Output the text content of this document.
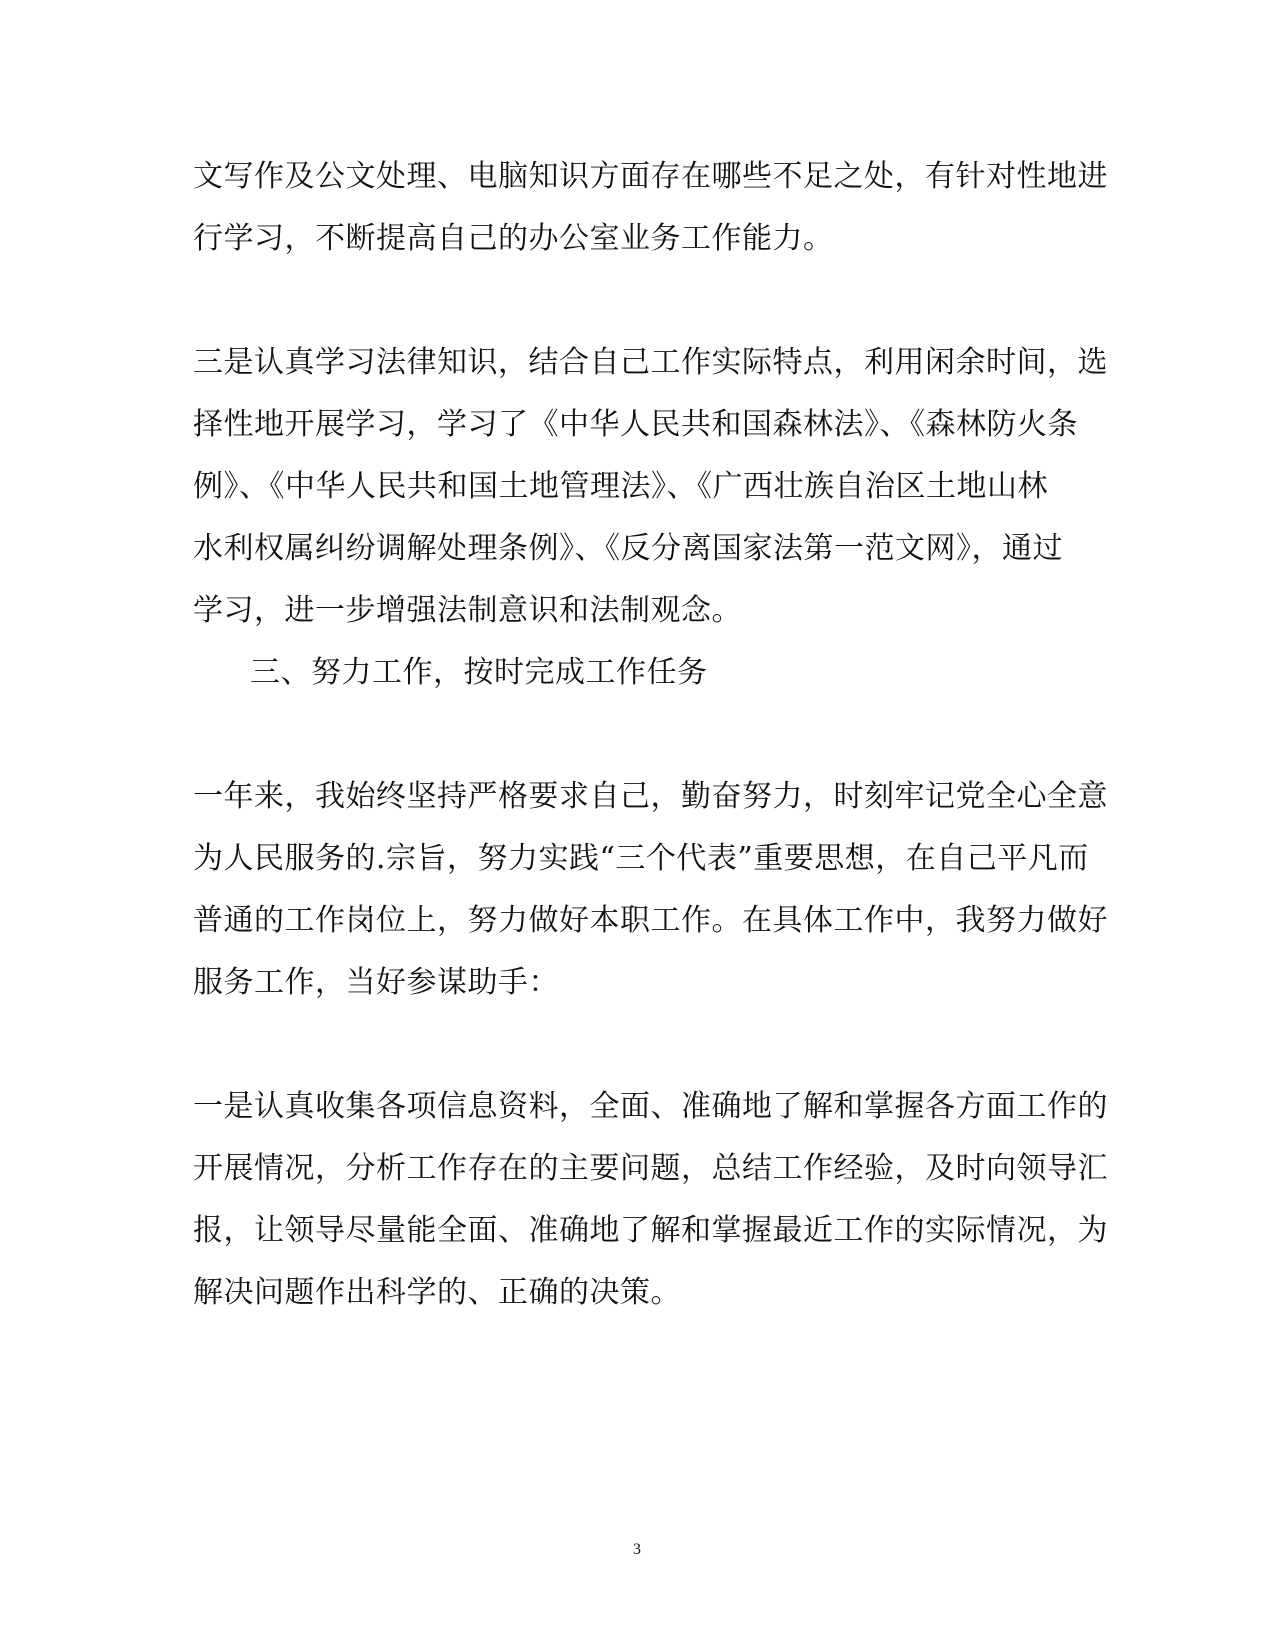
文写作及公文处理、电脑知识方面存在哪些不足之处，有针对性地进
行学习，不断提高自己的办公室业务工作能力。
三是认真学习法律知识，结合自己工作实际特点，利用闲余时间，选
择性地开展学习，学习了《中华人民共和国森林法》、《森林防火条
例》、《中华人民共和国土地管理法》、《广西壮族自治区土地山林
水利权属纠纷调解处理条例》、《反分离国家法第一范文网》，通过
学习，进一步增强法制意识和法制观念。
三、努力工作，按时完成工作任务
一年来，我始终坚持严格要求自己，勤奋努力，时刻牢记党全心全意
为人民服务的.宗旨，努力实践“三个代表”重要思想，在自己平凡而
普通的工作岗位上，努力做好本职工作。在具体工作中，我努力做好
服务工作，当好参谋助手：
一是认真收集各项信息资料，全面、准确地了解和掌握各方面工作的
开展情况，分析工作存在的主要问题，总结工作经验，及时向领导汇
报，让领导尽量能全面、准确地了解和掌握最近工作的实际情况，为
解决问题作出科学的、正确的决策。
3
